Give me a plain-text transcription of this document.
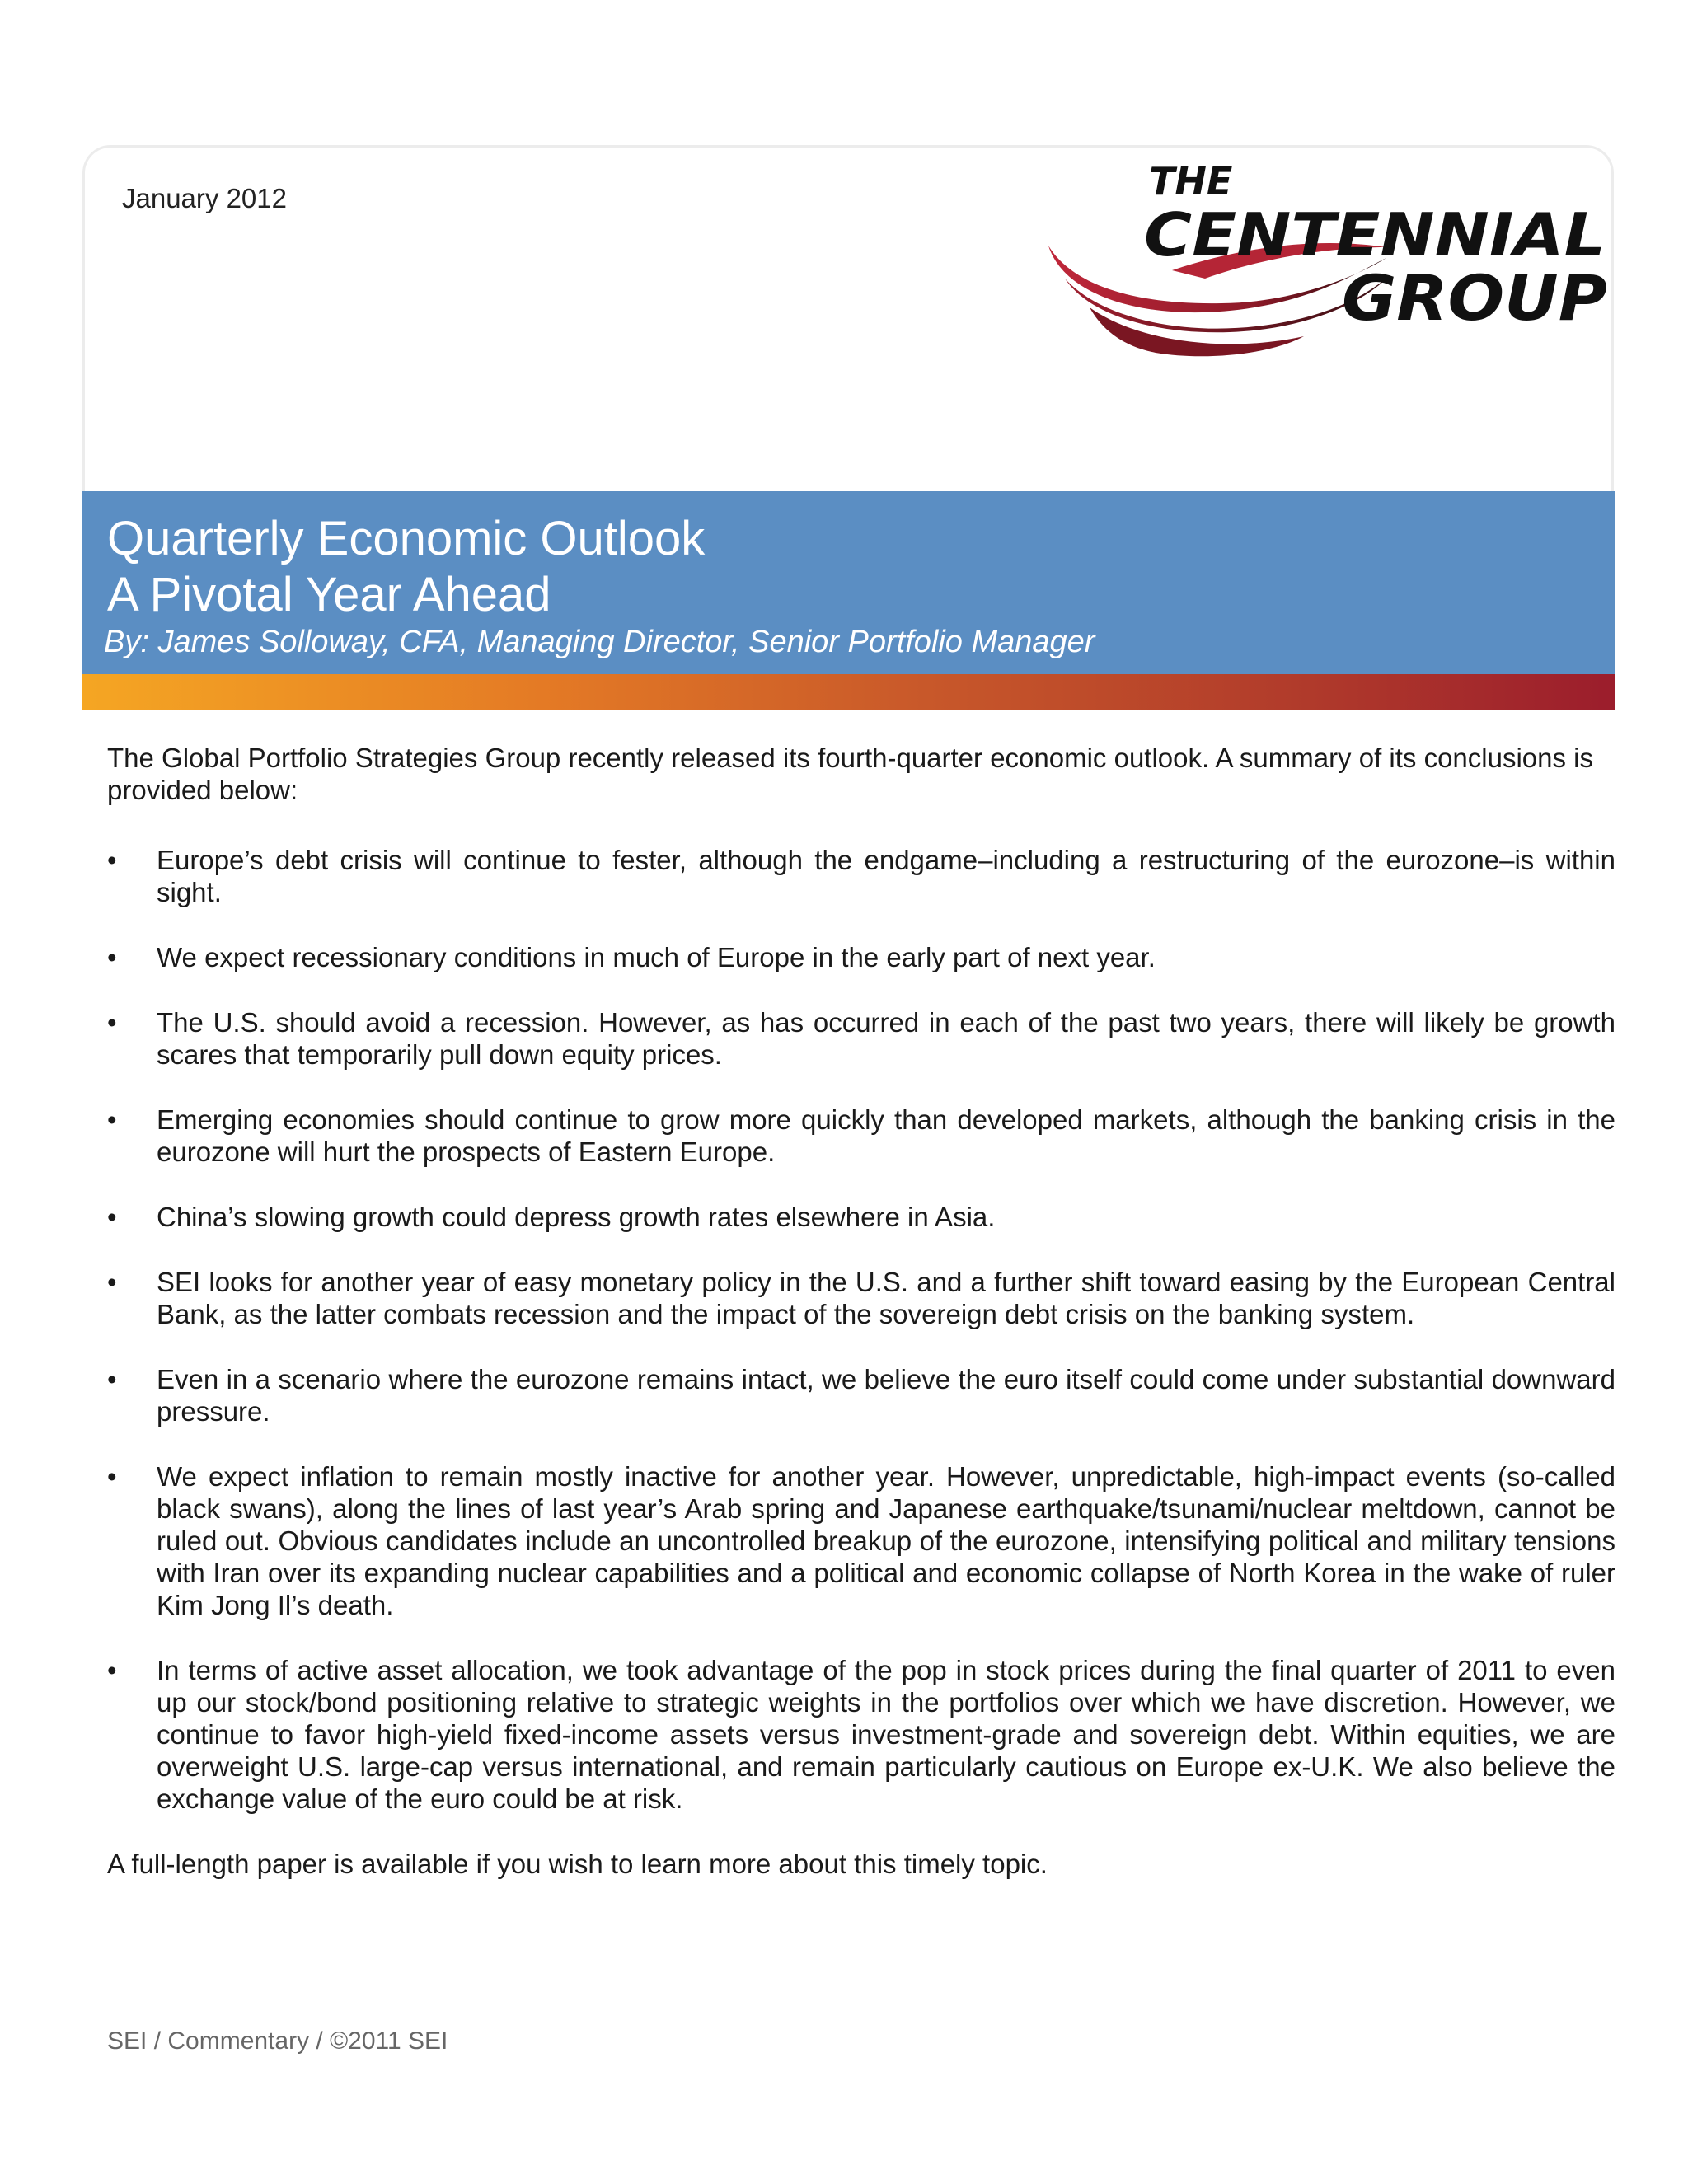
January 2012	THE
CENTENNIAL
GROUP
Quarterly Economic Outlook
A Pivotal Year Ahead
By: James Solloway, CFA, Managing Director, Senior Portfolio Manager

The Global Portfolio Strategies Group recently released its fourth-quarter economic outlook. A summary of its conclusions is provided below:

• Europe’s debt crisis will continue to fester, although the endgame–including a restructuring of the eurozone–is within sight.
• We expect recessionary conditions in much of Europe in the early part of next year.
• The U.S. should avoid a recession. However, as has occurred in each of the past two years, there will likely be growth scares that temporarily pull down equity prices.
• Emerging economies should continue to grow more quickly than developed markets, although the banking crisis in the eurozone will hurt the prospects of Eastern Europe.
• China’s slowing growth could depress growth rates elsewhere in Asia.
• SEI looks for another year of easy monetary policy in the U.S. and a further shift toward easing by the European Central Bank, as the latter combats recession and the impact of the sovereign debt crisis on the banking system.
• Even in a scenario where the eurozone remains intact, we believe the euro itself could come under substantial downward pressure.
• We expect inflation to remain mostly inactive for another year. However, unpredictable, high-impact events (so-called black swans), along the lines of last year’s Arab spring and Japanese earthquake/tsunami/nuclear meltdown, cannot be ruled out. Obvious candidates include an uncontrolled breakup of the eurozone, intensifying political and military tensions with Iran over its expanding nuclear capabilities and a political and economic collapse of North Korea in the wake of ruler Kim Jong Il’s death.
• In terms of active asset allocation, we took advantage of the pop in stock prices during the final quarter of 2011 to even up our stock/bond positioning relative to strategic weights in the portfolios over which we have discretion. However, we continue to favor high-yield fixed-income assets versus investment-grade and sovereign debt. Within equities, we are overweight U.S. large-cap versus international, and remain particularly cautious on Europe ex-U.K. We also believe the exchange value of the euro could be at risk.

A full-length paper is available if you wish to learn more about this timely topic.

SEI / Commentary / ©2011 SEI
